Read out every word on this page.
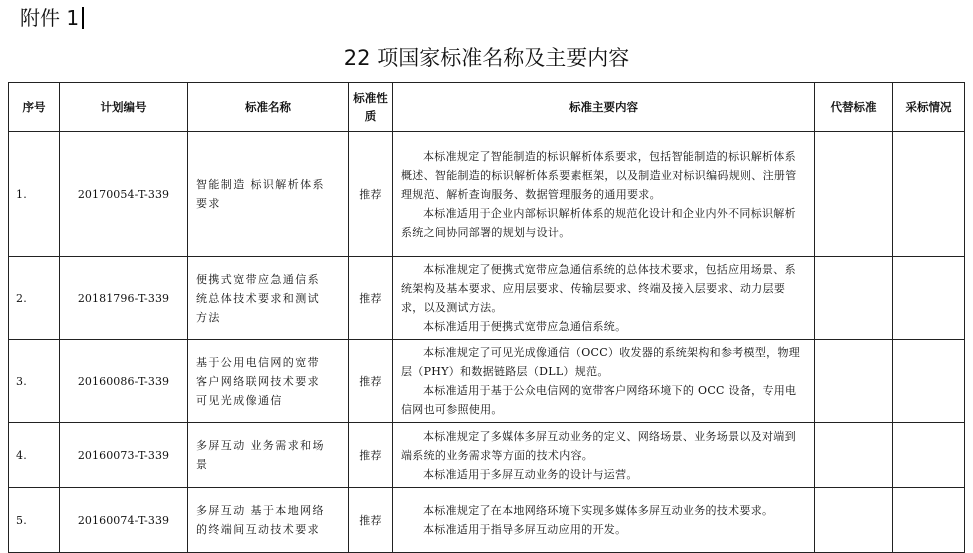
附件 1
22 项国家标准名称及主要内容
序号	计划编号	标准名称	标准性质	标准主要内容	代替标准	采标情况
1.	20170054-T-339	智能制造 标识解析体系要求	推荐	本标准规定了智能制造的标识解析体系要求，包括智能制造的标识解析体系概述、智能制造的标识解析体系要素框架，以及制造业对标识编码规则、注册管理规范、解析查询服务、数据管理服务的通用要求。

本标准适用于企业内部标识解析体系的规范化设计和企业内外不同标识解析系统之间协同部署的规划与设计。		

2.	20181796-T-339	便携式宽带应急通信系统总体技术要求和测试方法	推荐	本标准规定了便携式宽带应急通信系统的总体技术要求，包括应用场景、系统架构及基本要求、应用层要求、传输层要求、终端及接入层要求、动力层要求，以及测试方法。

本标准适用于便携式宽带应急通信系统。		

3.	20160086-T-339	基于公用电信网的宽带客户网络联网技术要求 可见光成像通信	推荐	本标准规定了可见光成像通信（OCC）收发器的系统架构和参考模型，物理层（PHY）和数据链路层（DLL）规范。

本标准适用于基于公众电信网的宽带客户网络环境下的 OCC 设备，专用电信网也可参照使用。		

4.	20160073-T-339	多屏互动 业务需求和场景	推荐	本标准规定了多媒体多屏互动业务的定义、网络场景、业务场景以及对端到端系统的业务需求等方面的技术内容。

本标准适用于多屏互动业务的设计与运营。		

5.	20160074-T-339	多屏互动 基于本地网络的终端间互动技术要求	推荐	本标准规定了在本地网络环境下实现多媒体多屏互动业务的技术要求。

本标准适用于指导多屏互动应用的开发。		
